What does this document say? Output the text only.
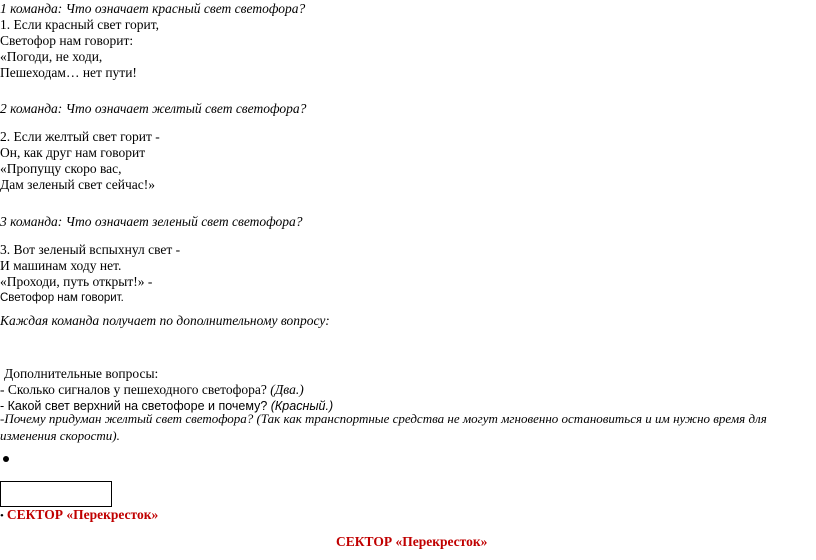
1 команда: Что означает красный свет светофора?
1. Если красный свет горит,
Светофор нам говорит:
«Погоди, не ходи,
Пешеходам… нет пути!
2 команда: Что означает желтый свет светофора?
2. Если желтый свет горит -
Он, как друг нам говорит
«Пропущу скоро вас,
Дам зеленый свет сейчас!»
3 команда: Что означает зеленый свет светофора?
3. Вот зеленый вспыхнул свет -
И машинам ходу нет.
«Проходи, путь открыт!» -
Светофор нам говорит.
Каждая команда получает по дополнительному вопросу:
Дополнительные вопросы:
- Сколько сигналов у пешеходного светофора? (Два.)
- Какой свет верхний на светофоре и почему? (Красный.)
-Почему придуман желтый свет светофора? (Так как транспортные средства не могут мгновенно остановиться и им нужно время для изменения скорости).
• СЕКТОР «Перекресток»
СЕКТОР «Перекресток»
